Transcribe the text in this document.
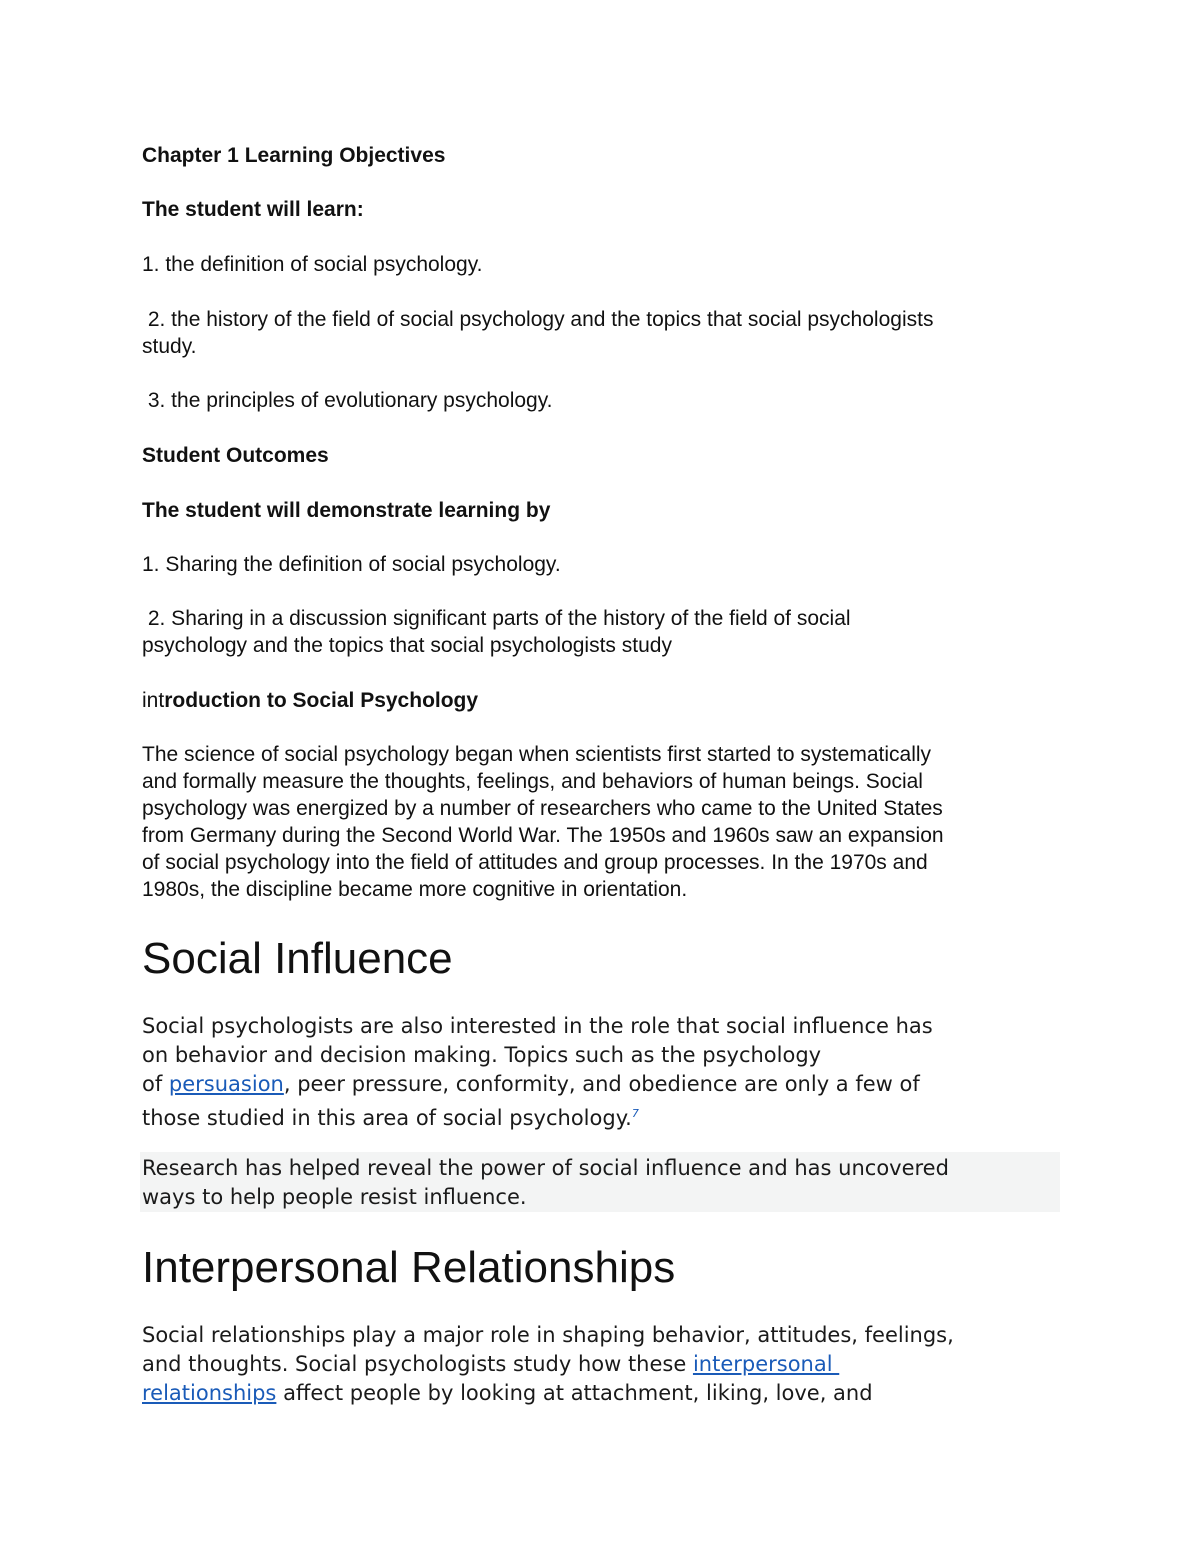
Chapter 1 Learning Objectives

The student will learn:

1. the definition of social psychology.

2. the history of the field of social psychology and the topics that social psychologists

study.

3. the principles of evolutionary psychology.

Student Outcomes

The student will demonstrate learning by

1. Sharing the definition of social psychology.

2. Sharing in a discussion significant parts of the history of the field of social

psychology and the topics that social psychologists study

introduction to Social Psychology

The science of social psychology began when scientists first started to systematically

and formally measure the thoughts, feelings, and behaviors of human beings. Social

psychology was energized by a number of researchers who came to the United States

from Germany during the Second World War. The 1950s and 1960s saw an expansion

of social psychology into the field of attitudes and group processes. In the 1970s and

1980s, the discipline became more cognitive in orientation.

Social Influence

Social psychologists are also interested in the role that social influence has

on behavior and decision making. Topics such as the psychology

of persuasion, peer pressure, conformity, and obedience are only a few of

those studied in this area of social psychology.$^7$

Research has helped reveal the power of social influence and has uncovered

ways to help people resist influence.

Interpersonal Relationships

Social relationships play a major role in shaping behavior, attitudes, feelings,

and thoughts. Social psychologists study how these interpersonal

relationships affect people by looking at attachment, liking, love, and
